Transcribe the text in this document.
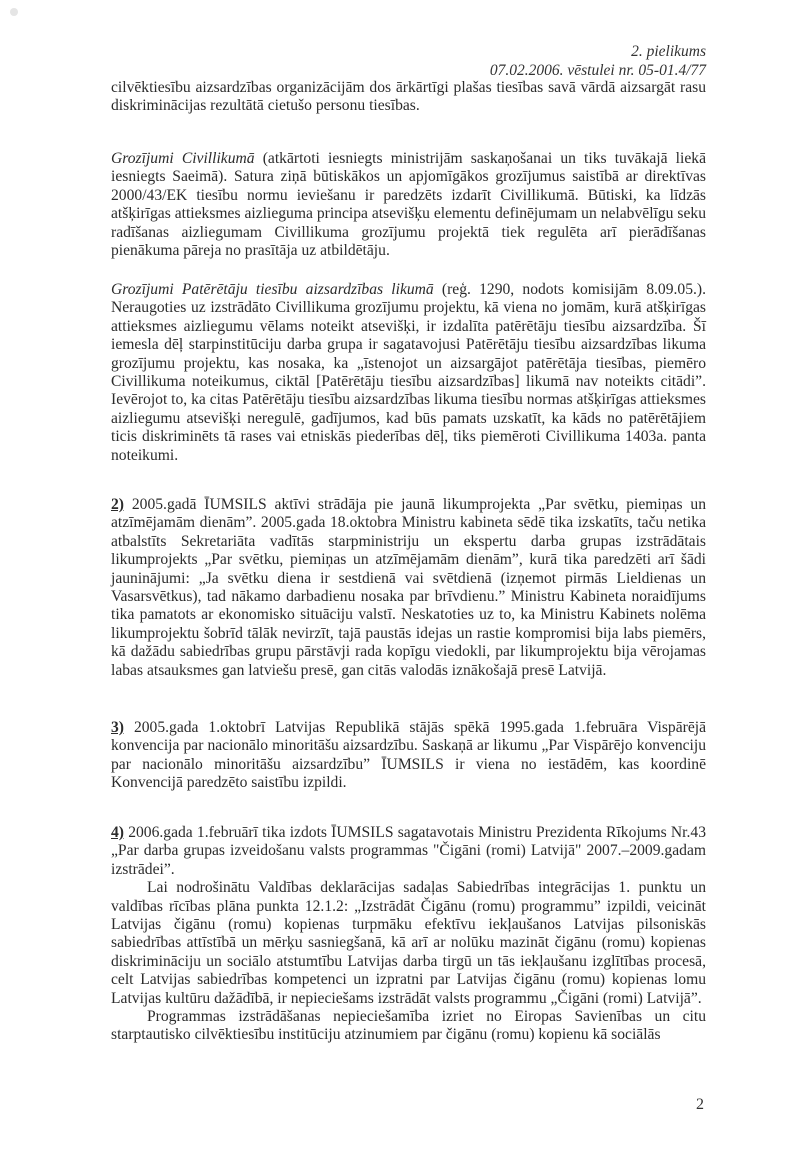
2. pielikums
07.02.2006. vēstulei nr. 05-01.4/77

cilvēktiesību aizsardzības organizācijām dos ārkārtīgi plašas tiesības savā vārdā aizsargāt rasu diskriminācijas rezultātā cietušo personu tiesības.

Grozījumi Civillikumā (atkārtoti iesniegts ministrijām saskaņošanai un tiks tuvākajā liekā iesniegts Saeimā). Satura ziņā būtiskākos un apjomīgākos grozījumus saistībā ar direktīvas 2000/43/EK tiesību normu ieviešanu ir paredzēts izdarīt Civillikumā. Būtiski, ka līdzās atšķirīgas attieksmes aizlieguma principa atsevišķu elementu definējumam un nelabvēlīgu seku radīšanas aizliegumam Civillikuma grozījumu projektā tiek regulēta arī pierādīšanas pienākuma pāreja no prasītāja uz atbildētāju.

Grozījumi Patērētāju tiesību aizsardzības likumā (reģ. 1290, nodots komisijām 8.09.05.). Neraugoties uz izstrādāto Civillikuma grozījumu projektu, kā viena no jomām, kurā atšķirīgas attieksmes aizliegumu vēlams noteikt atsevišķi, ir izdalīta patērētāju tiesību aizsardzība. Šī iemesla dēļ starpinstitūciju darba grupa ir sagatavojusi Patērētāju tiesību aizsardzības likuma grozījumu projektu, kas nosaka, ka „īstenojot un aizsargājot patērētāja tiesības, piemēro Civillikuma noteikumus, ciktāl [Patērētāju tiesību aizsardzības] likumā nav noteikts citādi”. Ievērojot to, ka citas Patērētāju tiesību aizsardzības likuma tiesību normas atšķirīgas attieksmes aizliegumu atsevišķi neregulē, gadījumos, kad būs pamats uzskatīt, ka kāds no patērētājiem ticis diskriminēts tā rases vai etniskās piederības dēļ, tiks piemēroti Civillikuma 1403a. panta noteikumi.

2) 2005.gadā ĪUMSILS aktīvi strādāja pie jaunā likumprojekta „Par svētku, piemiņas un atzīmējamām dienām”. 2005.gada 18.oktobra Ministru kabineta sēdē tika izskatīts, taču netika atbalstīts Sekretariāta vadītās starpministriju un ekspertu darba grupas izstrādātais likumprojekts „Par svētku, piemiņas un atzīmējamām dienām”, kurā tika paredzēti arī šādi jauninājumi: „Ja svētku diena ir sestdienā vai svētdienā (izņemot pirmās Lieldienas un Vasarsvētkus), tad nākamo darbadienu nosaka par brīvdienu.” Ministru Kabineta noraidījums tika pamatots ar ekonomisko situāciju valstī. Neskatoties uz to, ka Ministru Kabinets nolēma likumprojektu šobrīd tālāk nevirzīt, tajā paustās idejas un rastie kompromisi bija labs piemērs, kā dažādu sabiedrības grupu pārstāvji rada kopīgu viedokli, par likumprojektu bija vērojamas labas atsauksmes gan latviešu presē, gan citās valodās iznākošajā presē Latvijā.

3) 2005.gada 1.oktobrī Latvijas Republikā stājās spēkā 1995.gada 1.februāra Vispārējā konvencija par nacionālo minoritāšu aizsardzību. Saskaņā ar likumu „Par Vispārējo konvenciju par nacionālo minoritāšu aizsardzību” ĪUMSILS ir viena no iestādēm, kas koordinē Konvencijā paredzēto saistību izpildi.

4) 2006.gada 1.februārī tika izdots ĪUMSILS sagatavotais Ministru Prezidenta Rīkojums Nr.43 „Par darba grupas izveidošanu valsts programmas "Čigāni (romi) Latvijā" 2007.–2009.gadam izstrādei”.

Lai nodrošinātu Valdības deklarācijas sadaļas Sabiedrības integrācijas 1. punktu un valdības rīcības plāna punkta 12.1.2: „Izstrādāt Čigānu (romu) programmu” izpildi, veicināt Latvijas čigānu (romu) kopienas turpmāku efektīvu iekļaušanos Latvijas pilsoniskās sabiedrības attīstībā un mērķu sasniegšanā, kā arī ar nolūku mazināt čigānu (romu) kopienas diskrimināciju un sociālo atstumtību Latvijas darba tirgū un tās iekļaušanu izglītības procesā, celt Latvijas sabiedrības kompetenci un izpratni par Latvijas čigānu (romu) kopienas lomu Latvijas kultūru dažādībā, ir nepieciešams izstrādāt valsts programmu „Čigāni (romi) Latvijā”.

Programmas izstrādāšanas nepieciešamība izriet no Eiropas Savienības un citu starptautisko cilvēktiesību institūciju atzinumiem par čigānu (romu) kopienu kā sociālās

2
